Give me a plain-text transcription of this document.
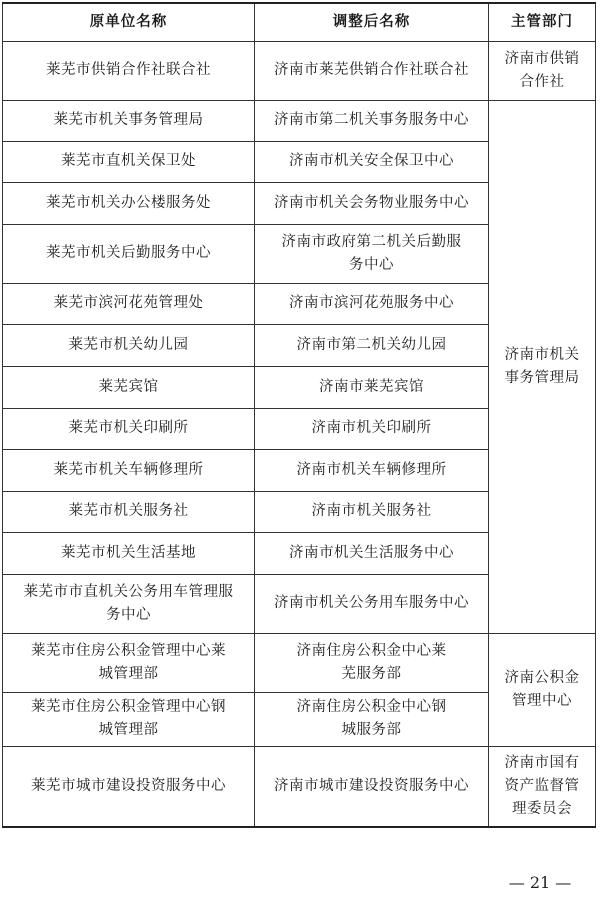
原单位名称	调整后名称	主管部门
莱芜市供销合作社联合社	济南市莱芜供销合作社联合社	济南市供销合作社
莱芜市机关事务管理局	济南市第二机关事务服务中心	济南市机关事务管理局
莱芜市直机关保卫处	济南市机关安全保卫中心	
莱芜市机关办公楼服务处	济南市机关会务物业服务中心	
莱芜市机关后勤服务中心	济南市政府第二机关后勤服务中心	
莱芜市滨河花苑管理处	济南市滨河花苑服务中心	
莱芜市机关幼儿园	济南市第二机关幼儿园	
莱芜宾馆	济南市莱芜宾馆	
莱芜市机关印刷所	济南市机关印刷所	
莱芜市机关车辆修理所	济南市机关车辆修理所	
莱芜市机关服务社	济南市机关服务社	
莱芜市机关生活基地	济南市机关生活服务中心	
莱芜市市直机关公务用车管理服务中心	济南市机关公务用车服务中心	
莱芜市住房公积金管理中心莱城管理部	济南住房公积金中心莱芜服务部	济南公积金管理中心
莱芜市住房公积金管理中心钢城管理部	济南住房公积金中心钢城服务部	
莱芜市城市建设投资服务中心	济南市城市建设投资服务中心	济南市国有资产监督管理委员会
— 21 —
